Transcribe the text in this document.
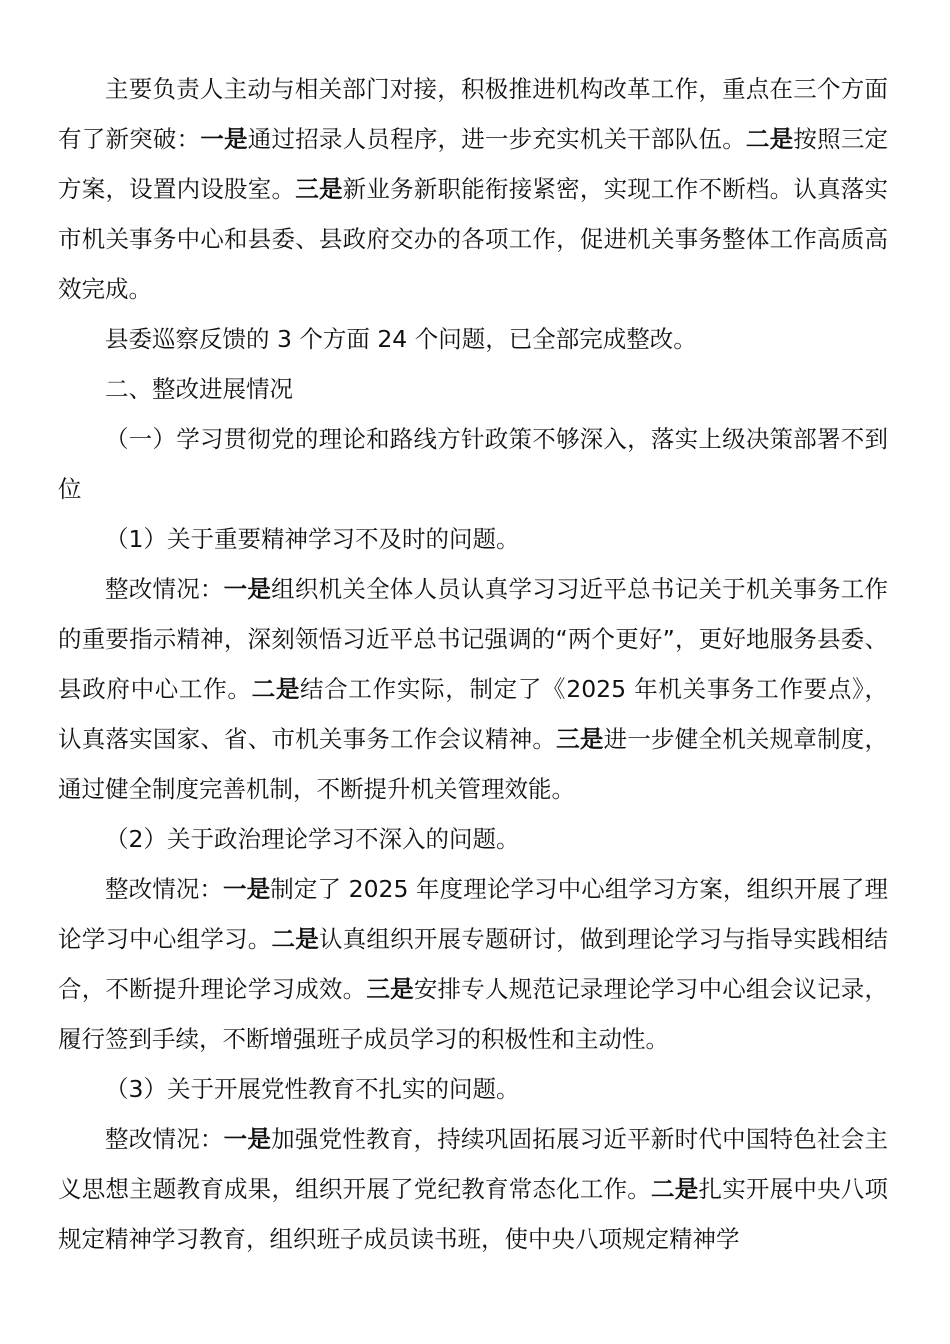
主要负责人主动与相关部门对接，积极推进机构改革工作，重点在三个方面有了新突破：一是通过招录人员程序，进一步充实机关干部队伍。二是按照三定方案，设置内设股室。三是新业务新职能衔接紧密，实现工作不断档。认真落实市机关事务中心和县委、县政府交办的各项工作，促进机关事务整体工作高质高效完成。

县委巡察反馈的 3 个方面 24 个问题，已全部完成整改。

二、整改进展情况

（一）学习贯彻党的理论和路线方针政策不够深入，落实上级决策部署不到位

（1）关于重要精神学习不及时的问题。

整改情况：一是组织机关全体人员认真学习习近平总书记关于机关事务工作的重要指示精神，深刻领悟习近平总书记强调的“两个更好”，更好地服务县委、县政府中心工作。二是结合工作实际，制定了《2025 年机关事务工作要点》，认真落实国家、省、市机关事务工作会议精神。三是进一步健全机关规章制度，通过健全制度完善机制，不断提升机关管理效能。

（2）关于政治理论学习不深入的问题。

整改情况：一是制定了 2025 年度理论学习中心组学习方案，组织开展了理论学习中心组学习。二是认真组织开展专题研讨，做到理论学习与指导实践相结合，不断提升理论学习成效。三是安排专人规范记录理论学习中心组会议记录，履行签到手续，不断增强班子成员学习的积极性和主动性。

（3）关于开展党性教育不扎实的问题。

整改情况：一是加强党性教育，持续巩固拓展习近平新时代中国特色社会主义思想主题教育成果，组织开展了党纪教育常态化工作。二是扎实开展中央八项规定精神学习教育，组织班子成员读书班，使中央八项规定精神学
